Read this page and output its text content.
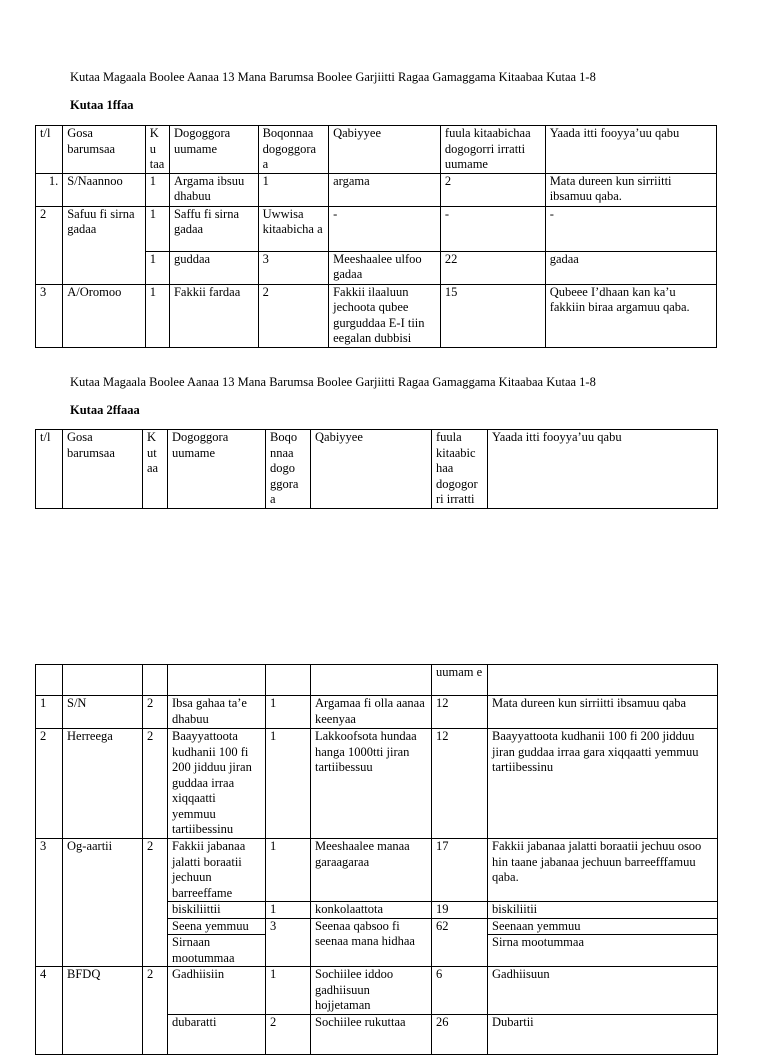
Kutaa Magaala Boolee Aanaa 13 Mana Barumsa Boolee Garjiitti Ragaa Gamaggama Kitaabaa Kutaa 1-8
Kutaa 1ffaa
t/l	Gosa barumsaa	Ku taa	Dogoggora uumame	Boqonnaa dogoggora a	Qabiyyee	fuula kitaabichaa dogogorri irratti uumame	Yaada itti fooyya’uu qabu
1.	S/Naannoo	1	Argama ibsuu dhabuu	1	argama	2	Mata dureen kun sirriitti ibsamuu qaba.
2	Safuu fi sirna gadaa	1	Saffu fi sirna gadaa	Uwwisa kitaabicha a	-	-	-
		1	guddaa	3	Meeshaalee ulfoo gadaa	22	gadaa
3	A/Oromoo	1	Fakkii fardaa	2	Fakkii ilaaluun jechoota qubee gurguddaa E-I tiin eegalan dubbisi	15	Qubeee I’dhaan kan ka’u fakkiin biraa argamuu qaba.
Kutaa Magaala Boolee Aanaa 13 Mana Barumsa Boolee Garjiitti Ragaa Gamaggama Kitaabaa Kutaa 1-8
Kutaa 2ffaaa
t/l	Gosa barumsaa	K ut aa	Dogoggora uumame	Boqo nnaa dogo ggora a	Qabiyyee	fuula kitaabic haa dogogor ri irratti	Yaada itti fooyya’uu qabu
						uumam e	
1	S/N	2	Ibsa gahaa ta’e dhabuu	1	Argamaa fi olla aanaa keenyaa	12	Mata dureen kun sirriitti ibsamuu qaba
2	Herreega	2	Baayyattoota kudhanii 100 fi 200 jidduu jiran guddaa irraa xiqqaatti yemmuu tartiibessinu	1	Lakkoofsota hundaa hanga 1000tti jiran tartiibessuu	12	Baayyattoota kudhanii 100 fi 200 jidduu jiran guddaa irraa gara xiqqaatti yemmuu tartiibessinu
3	Og-aartii	2	Fakkii jabanaa jalatti boraatii jechuun barreeffame	1	Meeshaalee manaa garaagaraa	17	Fakkii jabanaa jalatti boraatii jechuu osoo hin taane jabanaa jechuun barreefffamuu qaba.
			biskiliittii	1	konkolaattota	19	biskiliitii
			Seena yemmuu	3	Seenaa qabsoo fi seenaa mana hidhaa	62	Seenaan yemmuu
			Sirnaan mootummaa				Sirna mootummaa
4	BFDQ	2	Gadhiisiin	1	Sochiilee iddoo gadhiisuun hojjetaman	6	Gadhiisuun
			dubaratti	2	Sochiilee rukuttaa	26	Dubartii
